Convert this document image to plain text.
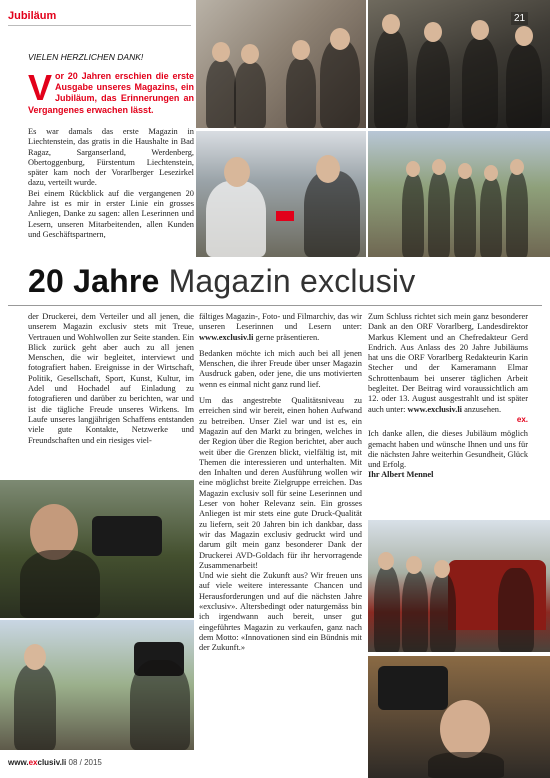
Jubiläum	21
VIELEN HERZLICHEN DANK!
V or 20 Jahren erschien die erste Ausgabe unseres Magazins, ein Jubiläum, das Erinnerungen an Vergangenes erwachen lässt.

Es war damals das erste Magazin in Liechtenstein, das gratis in die Haushalte in Bad Ragaz, Sarganserland, Werdenberg, Obertoggenburg, Fürstentum Liechtenstein, später kam noch der Vorarlberger Lesezirkel dazu, verteilt wurde.

Bei einem Rückblick auf die vergangenen 20 Jahre ist es mir in erster Linie ein grosses Anliegen, Danke zu sagen: allen Leserinnen und Lesern, unseren Mitarbeitenden, allen Kunden und Geschäftspartnern,

20 Jahre Magazin exclusiv

der Druckerei, dem Verteiler und all jenen, die unserem Magazin exclusiv stets mit Treue, Vertrauen und Wohlwollen zur Seite standen. Ein Blick zurück geht aber auch zu all jenen Menschen, die wir begleitet, interviewt und fotografiert haben. Ereignisse in der Wirtschaft, Politik, Gesellschaft, Sport, Kunst, Kultur, im Adel und Hochadel auf Einladung zu fotografieren und darüber zu berichten, war und ist die tägliche Freude unseres Wirkens. Im Laufe unseres langjährigen Schaffens entstanden viele gute Kontakte, Netzwerke und Freundschaften und ein riesiges viel-

fältiges Magazin-, Foto- und Filmarchiv, das wir unseren Leserinnen und Lesern unter: www.exclusiv.li gerne präsentieren.

Bedanken möchte ich mich auch bei all jenen Menschen, die ihrer Freude über unser Magazin Ausdruck gaben, oder jene, die uns motivierten wenn es einmal nicht ganz rund lief.

Um das angestrebte Qualitätsniveau zu erreichen sind wir bereit, einen hohen Aufwand zu betreiben. Unser Ziel war und ist es, ein Magazin auf den Markt zu bringen, welches in der Region über die Region berichtet, aber auch weit über die Grenzen blickt, vielfältig ist, mit Themen die interessieren und unterhalten. Mit den Inhalten und deren Ausführung wollen wir eine möglichst breite Zielgruppe erreichen. Das Magazin exclusiv soll für seine Leserinnen und Leser von hoher Relevanz sein. Ein grosses Anliegen ist mir stets eine gute Druck-Qualität zu liefern, seit 20 Jahren bin ich dankbar, dass wir das Magazin exclusiv gedruckt wird und darum gilt mein ganz besonderer Dank der Druckerei AVD-Goldach für ihr hervorragende Zusammenarbeit!

Und wie sieht die Zukunft aus? Wir freuen uns auf viele weitere interessante Chancen und Herausforderungen und auf die nächsten Jahre «exclusiv». Altersbedingt oder naturgemäss bin ich irgendwann auch bereit, unser gut eingeführtes Magazin zu verkaufen, ganz nach dem Motto: «Innovationen sind ein Bündnis mit der Zukunft.»

Zum Schluss richtet sich mein ganz besonderer Dank an den ORF Vorarlberg, Landesdirektor Markus Klement und an Chefredakteur Gerd Endrich. Aus Anlass des 20 Jahre Jubiläums hat uns die ORF Vorarlberg Redakteurin Karin Stecher und der Kameramann Elmar Schrottenbaum bei unserer täglichen Arbeit begleitet. Der Beitrag wird voraussichtlich am 12. oder 13. August ausgestrahlt und ist später auch unter: www.exclusiv.li anzusehen.

ex.

Ich danke allen, die dieses Jubiläum möglich gemacht haben und wünsche Ihnen und uns für die nächsten Jahre weiterhin Gesundheit, Glück und Erfolg.

Ihr Albert Mennel

www.exclusiv.li 08 / 2015
